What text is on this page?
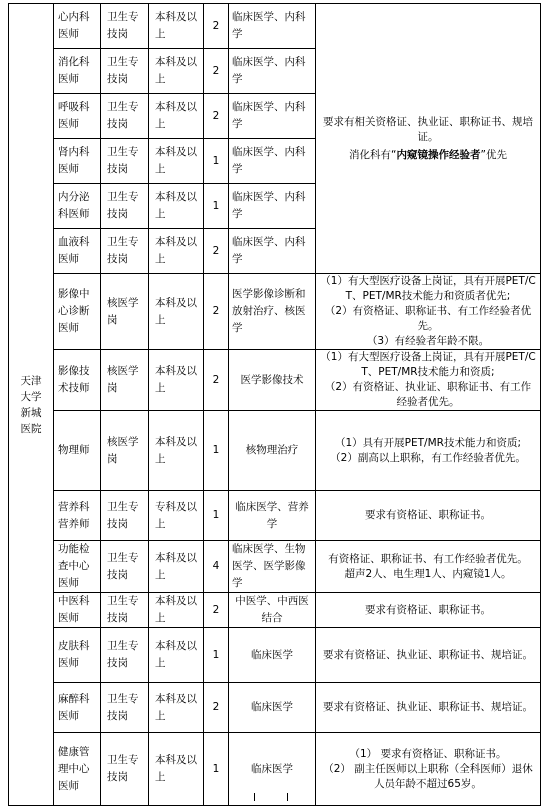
天津大学新城医院	心内科医师	卫生专技岗	本科及以上	2	临床医学、内科学	要求有相关资格证、执业证、职称证书、规培证。
消化科有“内窥镜操作经验者”优先

	消化科医师	卫生专技岗	本科及以上	2	临床医学、内科学	
	呼吸科医师	卫生专技岗	本科及以上	2	临床医学、内科学	
	肾内科医师	卫生专技岗	本科及以上	1	临床医学、内科学	
	内分泌科医师	卫生专技岗	本科及以上	1	临床医学、内科学	
	血液科医师	卫生专技岗	本科及以上	2	临床医学、内科学	
	影像中心诊断医师	核医学岗	本科及以上	2	医学影像诊断和放射治疗、核医学	（1）有大型医疗设备上岗证，具有开展PET/CT、PET/MR技术能力和资质者优先;
（2）有资格证、职称证书、有工作经验者优先。
（3）有经验者年龄不限。

	影像技术技师	核医学岗	本科及以上	2	医学影像技术	（1）有大型医疗设备上岗证，具有开展PET/CT、PET/MR技术能力和资质;
（2）有资格证、执业证、职称证书、有工作经验者优先。

	物理师	核医学岗	本科及以上	1	核物理治疗	（1）具有开展PET/MR技术能力和资质;
（2）副高以上职称，有工作经验者优先。

	营养科营养师	卫生专技岗	专科及以上	1	临床医学、营养学	要求有资格证、职称证书。

	功能检查中心医师	卫生专技岗	本科及以上	4	临床医学、生物医学、医学影像学	有资格证、职称证书、有工作经验者优先。
超声2人、电生理1人、内窥镜1人。

	中医科医师	卫生专技岗	本科及以上	2	中医学、中西医结合	要求有资格证、职称证书。

	皮肤科医师	卫生专技岗	本科及以上	1	临床医学	要求有资格证、执业证、职称证书、规培证。

	麻醉科医师	卫生专技岗	本科及以上	2	临床医学	要求有资格证、执业证、职称证书、规培证。

	健康管理中心医师	卫生专技岗	本科及以上	1	临床医学	（1） 要求有资格证、职称证书。
（2） 副主任医师以上职称（全科医师）退休人员年龄不超过65岁。
